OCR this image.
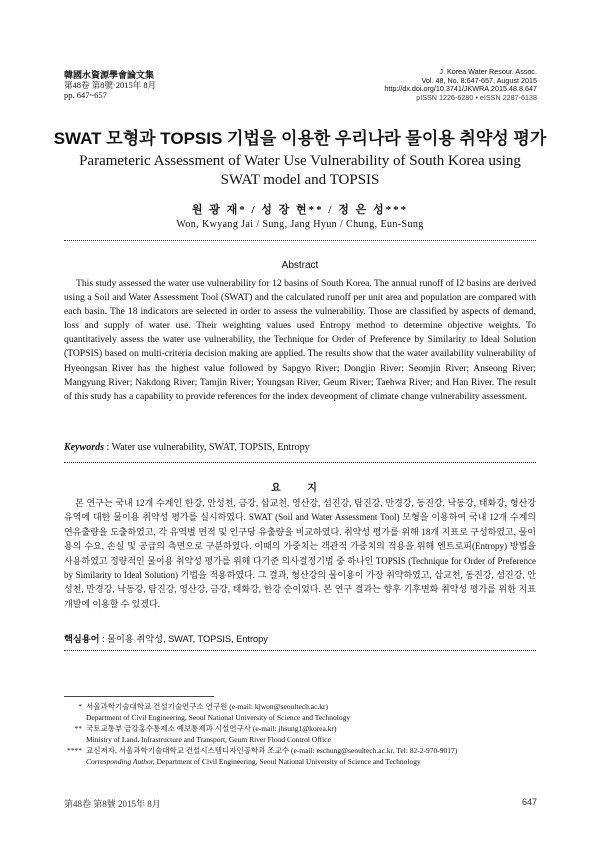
韓國水資源學會論文集
第48卷 第8號·2015年 8月
pp. 647~657
J. Korea Water Resour. Assoc.
Vol. 48, No. 8:647-657, August 2015
http://dx.doi.org/10.3741/JKWRA.2015.48.8.647
pISSN 1226-6280 • eISSN 2287-6138
SWAT 모형과 TOPSIS 기법을 이용한 우리나라 물이용 취약성 평가
Parameteric Assessment of Water Use Vulnerability of South Korea using
SWAT model and TOPSIS
원 광 재* / 성 장 현** / 정 은 성***
Won, Kwyang Jai / Sung, Jang Hyun / Chung, Eun-Sung
Abstract

This study assessed the water use vulnerability for 12 basins of South Korea. The annual runoff of I2 basins are derived using a Soil and Water Assessment Tool (SWAT) and the calculated runoff per unit area and population are compared with each basin. The 18 indicators are selected in order to assess the vulnerability. Those are classified by aspects of demand, loss and supply of water use. Their weighting values used Entropy method to determine objective weights. To quantitatively assess the water use vulnerability, the Technique for Order of Preference by Similarity to Ideal Solution (TOPSIS) based on multi-criteria decision making are applied. The results show that the water availability vulnerability of Hyeongsan River has the highest value followed by Sapgyo River; Dongjin River; Seomjin River; Anseong River; Mangyung River; Nakdong River; Tamjin River; Youngsan River, Geum River; Taehwa River; and Han River. The result of this study has a capability to provide references for the index deveopment of climate change vulnerability assessment.

Keywords : Water use vulnerability, SWAT, TOPSIS, Entropy
요 지

본 연구는 국내 12개 수계인 한강, 안성천, 금강, 삽교천, 영산강, 섬진강, 탐진강, 만경강, 동진강, 낙동강, 태화강, 형산강 유역에 대한 물이용 취약성 평가를 실시하였다. SWAT (Soil and Water Assessment Tool) 모형을 이용하여 국내 12개 수계의 연유출량을 도출하였고, 각 유역별 면적 및 인구당 유출량을 비교하였다. 취약성 평가를 위해 18개 지표로 구성하였고, 물이용의 수요, 손실 및 공급의 측면으로 구분하였다. 이때의 가중치는 객관적 가중치의 적용을 위해 엔트로피(Entropy) 방법을 사용하였고 정량적인 물이용 취약성 평가를 위해 다기준 의사결정기법 중 하나인 TOPSIS (Technique for Order of Preference by Similarity to Ideal Solution) 기법을 적용하였다. 그 결과, 형산강의 물이용이 가장 취약하였고, 삽교천, 동진강, 섬진강, 안성천, 만경강, 낙동강, 탐진강, 영산강, 금강, 태화강, 한강 순이었다. 본 연구 결과는 향후 기후변화 취약성 평가를 위한 지표 개발에 이용할 수 있겠다.

핵심용어 : 물이용 취약성, SWAT, TOPSIS, Entropy
* 서울과학기술대학교 건설기술연구소 연구원 (e-mail: kjwon@seoultech.ac.kr)
Department of Civil Engineering, Seoul National University of Science and Technology
** 국토교통부 금강홍수통제소 예보통제과 시설연구사 (e-mail: jhsung1@korea.kr)
Ministry of Land, Infrastructure and Transport, Geum River Flood Control Office
**** 교신저자, 서울과학기술대학교 건설시스템디자인공학과 조교수 (e-mail: eschung@seoultech.ac.kr, Tel: 82-2-970-9017)
Corresponding Author, Department of Civil Engineering, Seoul National University of Science and Technology
第48卷 第8號 2015年 8月	647
